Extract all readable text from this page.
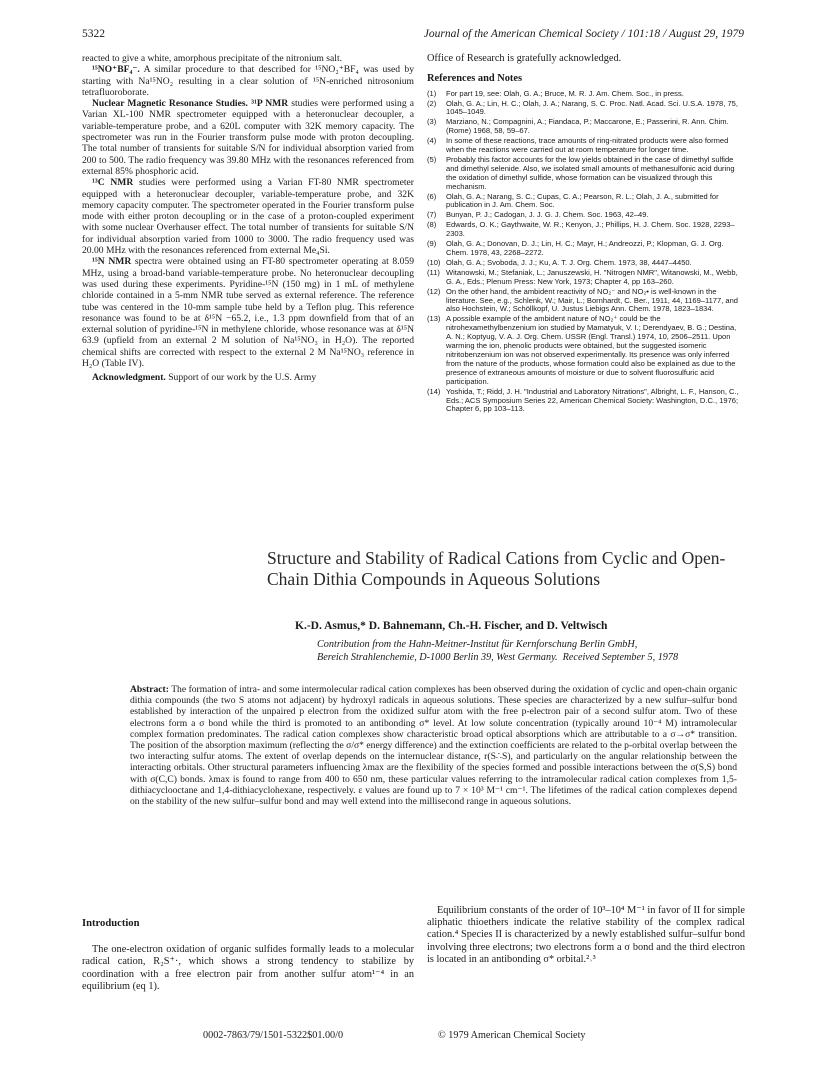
5322	Journal of the American Chemical Society / 101:18 / August 29, 1979

reacted to give a white, amorphous precipitate of the nitronium salt.

¹⁵NO⁺BF₄⁻. A similar procedure to that described for ¹⁵NO₂⁺BF₄ was used by starting with Na¹⁵NO₂ resulting in a clear solution of ¹⁵N-enriched nitrosonium tetrafluoroborate.

Nuclear Magnetic Resonance Studies. ³¹P NMR studies were performed using a Varian XL-100 NMR spectrometer equipped with a heteronuclear decoupler, a variable-temperature probe, and a 620L computer with 32K memory capacity. The spectrometer was run in the Fourier transform pulse mode with proton decoupling. The total number of transients for suitable S/N for individual absorption varied from 200 to 500. The radio frequency was 39.80 MHz with the resonances referenced from external 85% phosphoric acid.

¹³C NMR studies were performed using a Varian FT-80 NMR spectrometer equipped with a heteronuclear decoupler, variable-temperature probe, and 32K memory capacity computer. The spectrometer operated in the Fourier transform pulse mode with either proton decoupling or in the case of a proton-coupled experiment with some nuclear Overhauser effect. The total number of transients for suitable S/N for individual absorption varied from 1000 to 3000. The radio frequency used was 20.00 MHz with the resonances referenced from external Me₄Si.

¹⁵N NMR spectra were obtained using an FT-80 spectrometer operating at 8.059 MHz, using a broad-band variable-temperature probe. No heteronuclear decoupling was used during these experiments. Pyridine-¹⁵N (150 mg) in 1 mL of methylene chloride contained in a 5-mm NMR tube served as external reference. The reference tube was centered in the 10-mm sample tube held by a Teflon plug. This reference resonance was found to be at δ¹⁵N −65.2, i.e., 1.3 ppm downfield from that of an external solution of pyridine-¹⁵N in methylene chloride, whose resonance was at δ¹⁵N 63.9 (upfield from an external 2 M solution of Na¹⁵NO₃ in H₂O). The reported chemical shifts are corrected with respect to the external 2 M Na¹⁵NO₃ reference in H₂O (Table IV).

Acknowledgment. Support of our work by the U.S. Army

Office of Research is gratefully acknowledged.

References and Notes
(1) For part 19, see: Olah, G. A.; Bruce, M. R. J. Am. Chem. Soc., in press.
(2) Olah, G. A.; Lin, H. C.; Olah, J. A.; Narang, S. C. Proc. Natl. Acad. Sci. U.S.A. 1978, 75, 1045–1049.
(3) Marziano, N.; Compagnini, A.; Fiandaca, P.; Maccarone, E.; Passerini, R. Ann. Chim. (Rome) 1968, 58, 59–67.
(4) In some of these reactions, trace amounts of ring-nitrated products were also formed when the reactions were carried out at room temperature for longer time.
(5) Probably this factor accounts for the low yields obtained in the case of dimethyl sulfide and dimethyl selenide. Also, we isolated small amounts of methanesulfonic acid during the oxidation of dimethyl sulfide, whose formation can be visualized through this mechanism.
(6) Olah, G. A.; Narang, S. C.; Cupas, C. A.; Pearson, R. L.; Olah, J. A., submitted for publication in J. Am. Chem. Soc.
(7) Bunyan, P. J.; Cadogan, J. J. G. J. Chem. Soc. 1963, 42–49.
(8) Edwards, O. K.; Gaythwaite, W. R.; Kenyon, J.; Phillips, H. J. Chem. Soc. 1928, 2293–2303.
(9) Olah, G. A.; Donovan, D. J.; Lin, H. C.; Mayr, H.; Andreozzi, P.; Klopman, G. J. Org. Chem. 1978, 43, 2268–2272.
(10) Olah, G. A.; Svoboda, J. J.; Ku, A. T. J. Org. Chem. 1973, 38, 4447–4450.
(11) Witanowski, M.; Stefaniak, L.; Januszewski, H. "Nitrogen NMR", Witanowski, M., Webb, G. A., Eds.; Plenum Press: New York, 1973; Chapter 4, pp 163–260.
(12) On the other hand, the ambident reactivity of NO₂⁻ and NO₂• is well-known in the literature. See, e.g., Schlenk, W.; Mair, L.; Bornhardt, C. Ber., 1911, 44, 1169–1177, and also Hochstein, W.; Schöllkopf, U. Justus Liebigs Ann. Chem. 1978, 1823–1834.
(13) A possible example of the ambident nature of NO₂⁺ could be the nitrohexamethylbenzenium ion studied by Mamatyuk, V. I.; Derendyaev, B. G.; Destina, A. N.; Koptyug, V. A. J. Org. Chem. USSR (Engl. Transl.) 1974, 10, 2506–2511. Upon warming the ion, phenolic products were obtained, but the suggested isomeric nitritobenzenium ion was not observed experimentally. Its presence was only inferred from the nature of the products, whose formation could also be explained as due to the presence of extraneous amounts of moisture or due to solvent fluorosulfuric acid participation.
(14) Yoshida, T.; Ridd, J. H. "Industrial and Laboratory Nitrations", Albright, L. F., Hanson, C., Eds.; ACS Symposium Series 22, American Chemical Society: Washington, D.C., 1976; Chapter 6, pp 103–113.
Structure and Stability of Radical Cations from Cyclic and Open-Chain Dithia Compounds in Aqueous Solutions
K.-D. Asmus,* D. Bahnemann, Ch.-H. Fischer, and D. Veltwisch
Contribution from the Hahn-Meitner-Institut für Kernforschung Berlin GmbH,
Bereich Strahlenchemie, D-1000 Berlin 39, West Germany. Received September 5, 1978
Abstract: The formation of intra- and some intermolecular radical cation complexes has been observed during the oxidation of cyclic and open-chain organic dithia compounds (the two S atoms not adjacent) by hydroxyl radicals in aqueous solutions. These species are characterized by a new sulfur–sulfur bond established by interaction of the unpaired p electron from the oxidized sulfur atom with the free p-electron pair of a second sulfur atom. Two of these electrons form a σ bond while the third is promoted to an antibonding σ* level. At low solute concentration (typically around 10⁻⁴ M) intramolecular complex formation predominates. The radical cation complexes show characteristic broad optical absorptions which are attributable to a σ→σ* transition. The position of the absorption maximum (reflecting the σ/σ* energy difference) and the extinction coefficients are related to the p-orbital overlap between the two interacting sulfur atoms. The extent of overlap depends on the internuclear distance, r(S∴S), and particularly on the angular relationship between the interacting orbitals. Other structural parameters influencing λmax are the flexibility of the species formed and possible interactions between the σ(S,S) bond with σ(C,C) bonds. λmax is found to range from 400 to 650 nm, these particular values referring to the intramolecular radical cation complexes from 1,5-dithiacyclooctane and 1,4-dithiacyclohexane, respectively. ε values are found up to 7 × 10³ M⁻¹ cm⁻¹. The lifetimes of the radical cation complexes depend on the stability of the new sulfur–sulfur bond and may well extend into the millisecond range in aqueous solutions.
Introduction

The one-electron oxidation of organic sulfides formally leads to a molecular radical cation, R₂S⁺·, which shows a strong tendency to stabilize by coordination with a free electron pair from another sulfur atom¹⁻⁴ in an equilibrium (eq 1).

Equilibrium constants of the order of 10³–10⁴ M⁻¹ in favor of II for simple aliphatic thioethers indicate the relative stability of the complex radical cation.⁴ Species II is characterized by a newly established sulfur–sulfur bond involving three electrons; two electrons form a σ bond and the third electron is located in an antibonding σ* orbital.²˒³

0002-7863/79/1501-5322$01.00/0	© 1979 American Chemical Society
